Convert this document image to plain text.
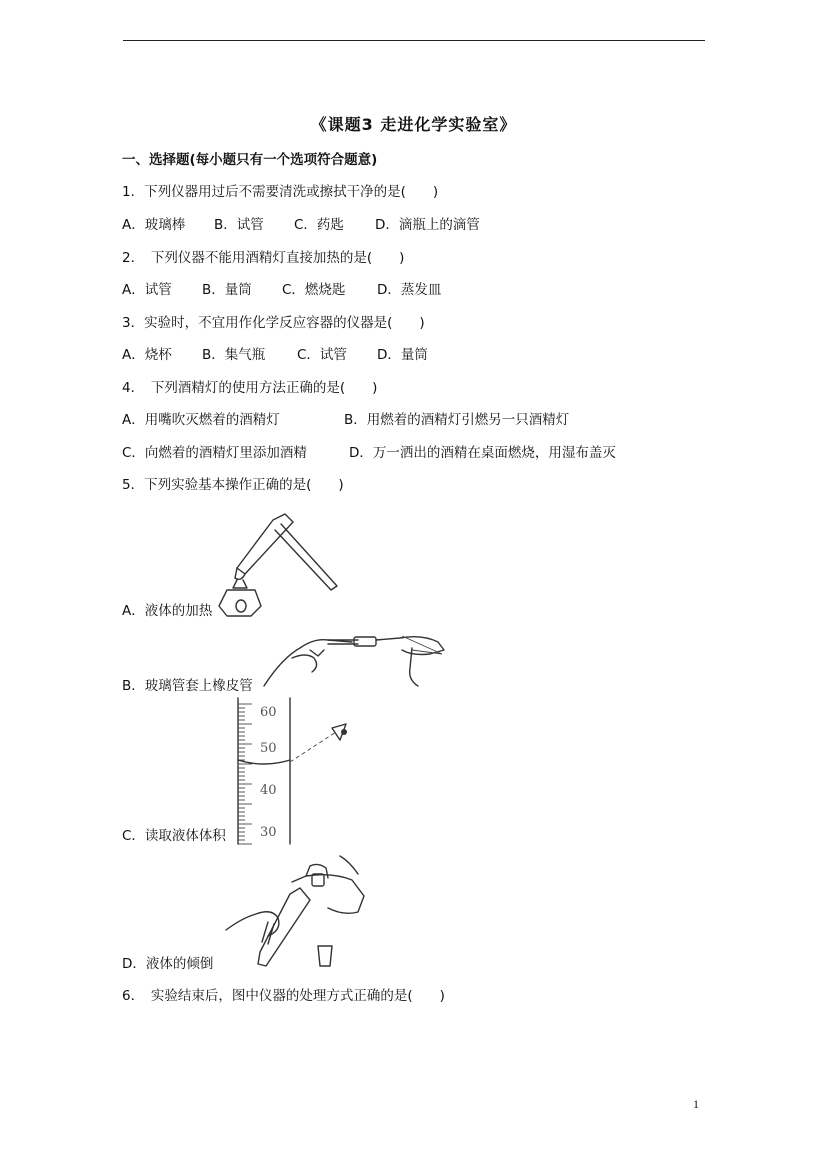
《课题3 走进化学实验室》
一、选择题(每小题只有一个选项符合题意)
1．下列仪器用过后不需要清洗或擦拭干净的是(　　)
A．玻璃棒 B．试管 C．药匙 D．滴瓶上的滴管
2．　下列仪器不能用酒精灯直接加热的是(　　)
A．试管 B．量筒 C．燃烧匙 D．蒸发皿
3．实验时，不宜用作化学反应容器的仪器是(　　)
A．烧杯 B．集气瓶 C．试管 D．量筒
4．　下列酒精灯的使用方法正确的是(　　)
A．用嘴吹灭燃着的酒精灯	B．用燃着的酒精灯引燃另一只酒精灯
C．向燃着的酒精灯里添加酒精	D．万一洒出的酒精在桌面燃烧，用湿布盖灭
5．下列实验基本操作正确的是(　　)
A．液体的加热
B．玻璃管套上橡皮管
60
50
40
30
C．读取液体体积
D．液体的倾倒
6．　实验结束后，图中仪器的处理方式正确的是(　　)
1
